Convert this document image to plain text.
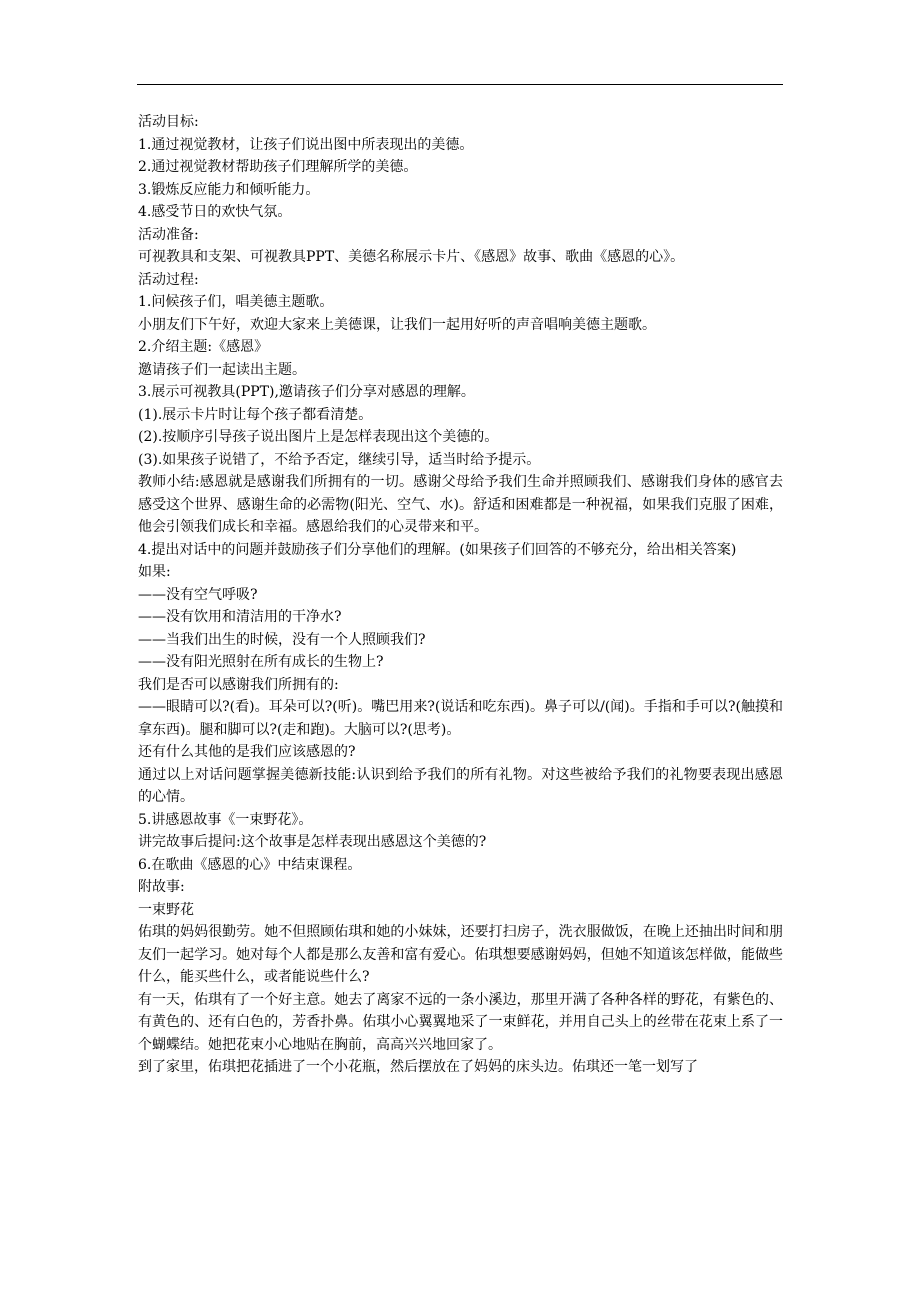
活动目标:

1.通过视觉教材，让孩子们说出图中所表现出的美德。

2.通过视觉教材帮助孩子们理解所学的美德。

3.锻炼反应能力和倾听能力。

4.感受节日的欢快气氛。

活动准备:

可视教具和支架、可视教具PPT、美德名称展示卡片、《感恩》故事、歌曲《感恩的心》。

活动过程:

1.问候孩子们，唱美德主题歌。

小朋友们下午好，欢迎大家来上美德课，让我们一起用好听的声音唱响美德主题歌。

2.介绍主题:《感恩》

邀请孩子们一起读出主题。

3.展示可视教具(PPT),邀请孩子们分享对感恩的理解。

(1).展示卡片时让每个孩子都看清楚。

(2).按顺序引导孩子说出图片上是怎样表现出这个美德的。

(3).如果孩子说错了，不给予否定，继续引导，适当时给予提示。

教师小结:感恩就是感谢我们所拥有的一切。感谢父母给予我们生命并照顾我们、感谢我们身体的感官去感受这个世界、感谢生命的必需物(阳光、空气、水)。舒适和困难都是一种祝福，如果我们克服了困难，他会引领我们成长和幸福。感恩给我们的心灵带来和平。

4.提出对话中的问题并鼓励孩子们分享他们的理解。(如果孩子们回答的不够充分，给出相关答案)

如果:

——没有空气呼吸?

——没有饮用和清洁用的干净水?

——当我们出生的时候，没有一个人照顾我们?

——没有阳光照射在所有成长的生物上?

我们是否可以感谢我们所拥有的:

——眼睛可以?(看)。耳朵可以?(听)。嘴巴用来?(说话和吃东西)。鼻子可以/(闻)。手指和手可以?(触摸和拿东西)。腿和脚可以?(走和跑)。大脑可以?(思考)。

还有什么其他的是我们应该感恩的?

通过以上对话问题掌握美德新技能:认识到给予我们的所有礼物。对这些被给予我们的礼物要表现出感恩的心情。

5.讲感恩故事《一束野花》。

讲完故事后提问:这个故事是怎样表现出感恩这个美德的?

6.在歌曲《感恩的心》中结束课程。

附故事:

一束野花

佑琪的妈妈很勤劳。她不但照顾佑琪和她的小妹妹，还要打扫房子，洗衣服做饭，在晚上还抽出时间和朋友们一起学习。她对每个人都是那么友善和富有爱心。佑琪想要感谢妈妈，但她不知道该怎样做，能做些什么，能买些什么，或者能说些什么?

有一天，佑琪有了一个好主意。她去了离家不远的一条小溪边，那里开满了各种各样的野花，有紫色的、有黄色的、还有白色的，芳香扑鼻。佑琪小心翼翼地采了一束鲜花，并用自己头上的丝带在花束上系了一个蝴蝶结。她把花束小心地贴在胸前，高高兴兴地回家了。

到了家里，佑琪把花插进了一个小花瓶，然后摆放在了妈妈的床头边。佑琪还一笔一划写了
